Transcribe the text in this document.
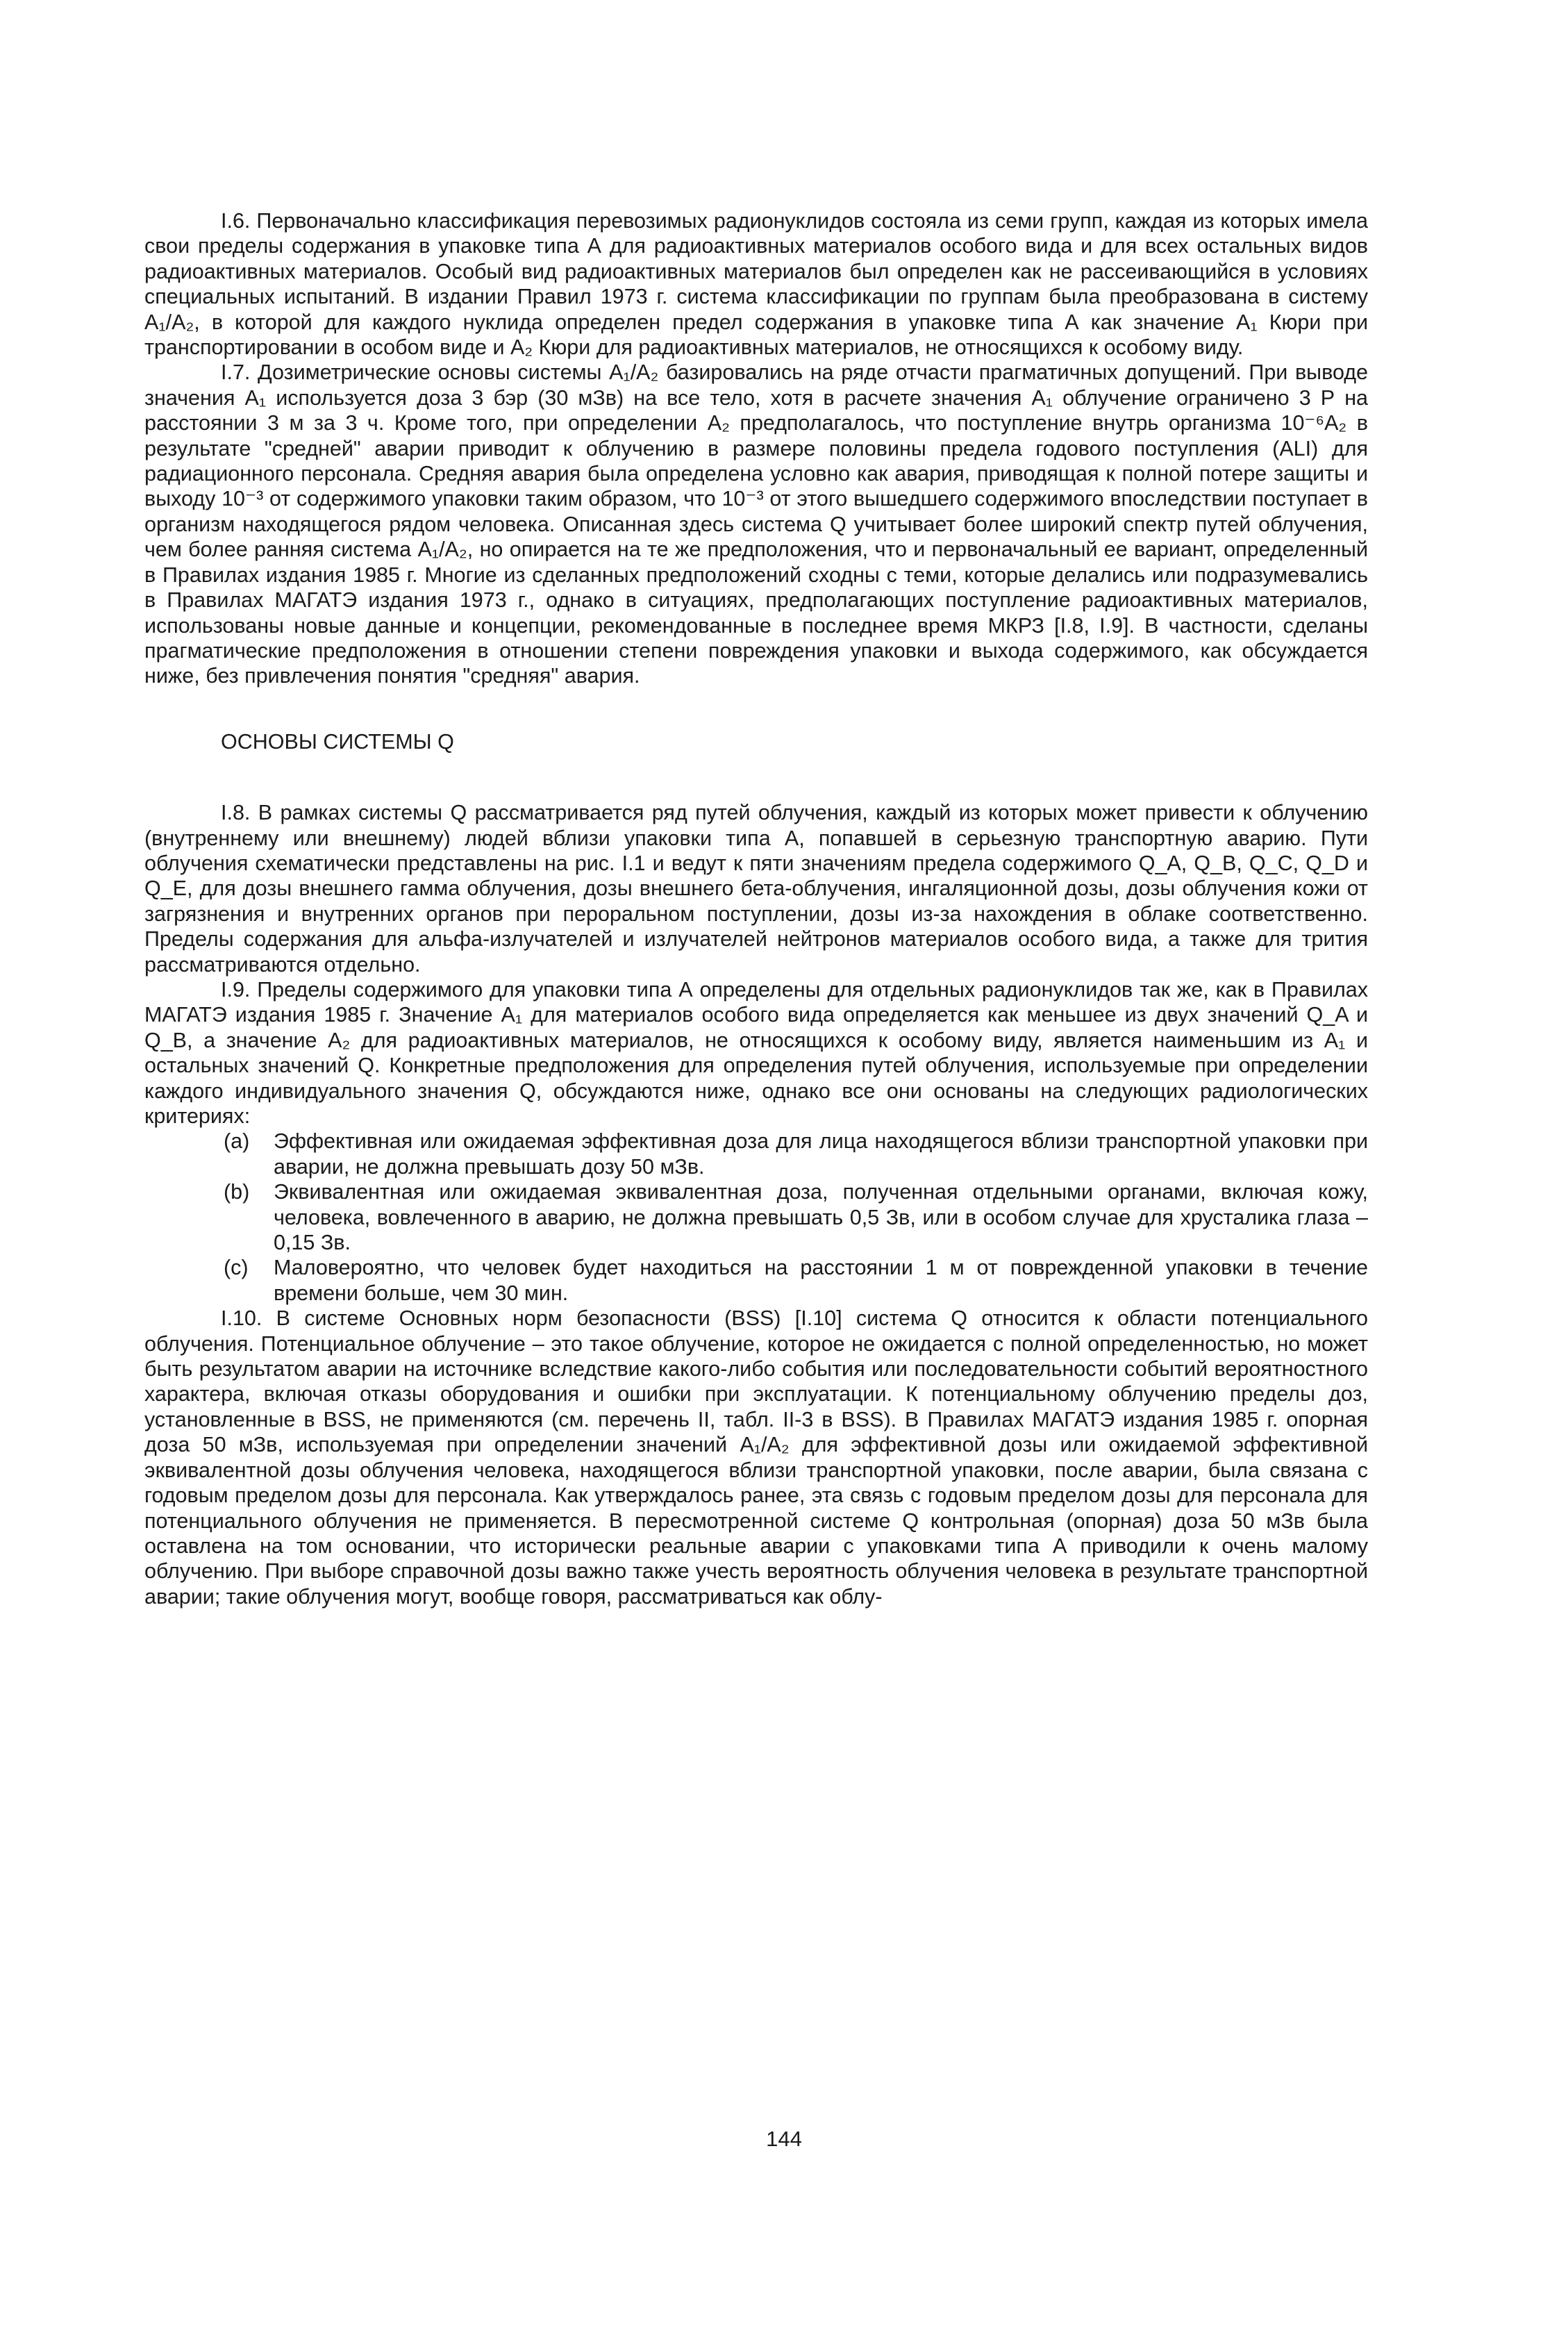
I.6. Первоначально классификация перевозимых радионуклидов состояла из семи групп, каждая из которых имела свои пределы содержания в упаковке типа А для радиоактивных материалов особого вида и для всех остальных видов радиоактивных материалов. Особый вид радиоактивных материалов был определен как не рассеивающийся в условиях специальных испытаний. В издании Правил 1973 г. система классификации по группам была преобразована в систему A₁/A₂, в которой для каждого нуклида определен предел содержания в упаковке типа А как значение A₁ Кюри при транспортировании в особом виде и A₂ Кюри для радиоактивных материалов, не относящихся к особому виду.

I.7. Дозиметрические основы системы A₁/A₂ базировались на ряде отчасти прагматичных допущений. При выводе значения A₁ используется доза 3 бэр (30 мЗв) на все тело, хотя в расчете значения A₁ облучение ограничено 3 Р на расстоянии 3 м за 3 ч. Кроме того, при определении A₂ предполагалось, что поступление внутрь организма 10⁻⁶A₂ в результате "средней" аварии приводит к облучению в размере половины предела годового поступления (ALI) для радиационного персонала. Средняя авария была определена условно как авария, приводящая к полной потере защиты и выходу 10⁻³ от содержимого упаковки таким образом, что 10⁻³ от этого вышедшего содержимого впоследствии поступает в организм находящегося рядом человека. Описанная здесь система Q учитывает более широкий спектр путей облучения, чем более ранняя система A₁/A₂, но опирается на те же предположения, что и первоначальный ее вариант, определенный в Правилах издания 1985 г. Многие из сделанных предположений сходны с теми, которые делались или подразумевались в Правилах МАГАТЭ издания 1973 г., однако в ситуациях, предполагающих поступление радиоактивных материалов, использованы новые данные и концепции, рекомендованные в последнее время МКРЗ [I.8, I.9]. В частности, сделаны прагматические предположения в отношении степени повреждения упаковки и выхода содержимого, как обсуждается ниже, без привлечения понятия "средняя" авария.

ОСНОВЫ СИСТЕМЫ Q

I.8. В рамках системы Q рассматривается ряд путей облучения, каждый из которых может привести к облучению (внутреннему или внешнему) людей вблизи упаковки типа А, попавшей в серьезную транспортную аварию. Пути облучения схематически представлены на рис. I.1 и ведут к пяти значениям предела содержимого Q_A, Q_B, Q_C, Q_D и Q_E, для дозы внешнего гамма облучения, дозы внешнего бета-облучения, ингаляционной дозы, дозы облучения кожи от загрязнения и внутренних органов при пероральном поступлении, дозы из-за нахождения в облаке соответственно. Пределы содержания для альфа-излучателей и излучателей нейтронов материалов особого вида, а также для трития рассматриваются отдельно.

I.9. Пределы содержимого для упаковки типа А определены для отдельных радионуклидов так же, как в Правилах МАГАТЭ издания 1985 г. Значение A₁ для материалов особого вида определяется как меньшее из двух значений Q_A и Q_B, а значение A₂ для радиоактивных материалов, не относящихся к особому виду, является наименьшим из A₁ и остальных значений Q. Конкретные предположения для определения путей облучения, используемые при определении каждого индивидуального значения Q, обсуждаются ниже, однако все они основаны на следующих радиологических критериях:

(a)	Эффективная или ожидаемая эффективная доза для лица находящегося вблизи транспортной упаковки при аварии, не должна превышать дозу 50 мЗв.
(b)	Эквивалентная или ожидаемая эквивалентная доза, полученная отдельными органами, включая кожу, человека, вовлеченного в аварию, не должна превышать 0,5 Зв, или в особом случае для хрусталика глаза – 0,15 Зв.
(c)	Маловероятно, что человек будет находиться на расстоянии 1 м от поврежденной упаковки в течение времени больше, чем 30 мин.

I.10. В системе Основных норм безопасности (BSS) [I.10] система Q относится к области потенциального облучения. Потенциальное облучение – это такое облучение, которое не ожидается с полной определенностью, но может быть результатом аварии на источнике вследствие какого-либо события или последовательности событий вероятностного характера, включая отказы оборудования и ошибки при эксплуатации. К потенциальному облучению пределы доз, установленные в BSS, не применяются (см. перечень II, табл. II-3 в BSS). В Правилах МАГАТЭ издания 1985 г. опорная доза 50 мЗв, используемая при определении значений A₁/A₂ для эффективной дозы или ожидаемой эффективной эквивалентной дозы облучения человека, находящегося вблизи транспортной упаковки, после аварии, была связана с годовым пределом дозы для персонала. Как утверждалось ранее, эта связь с годовым пределом дозы для персонала для потенциального облучения не применяется. В пересмотренной системе Q контрольная (опорная) доза 50 мЗв была оставлена на том основании, что исторически реальные аварии с упаковками типа А приводили к очень малому облучению. При выборе справочной дозы важно также учесть вероятность облучения человека в результате транспортной аварии; такие облучения могут, вообще говоря, рассматриваться как облу-

144
